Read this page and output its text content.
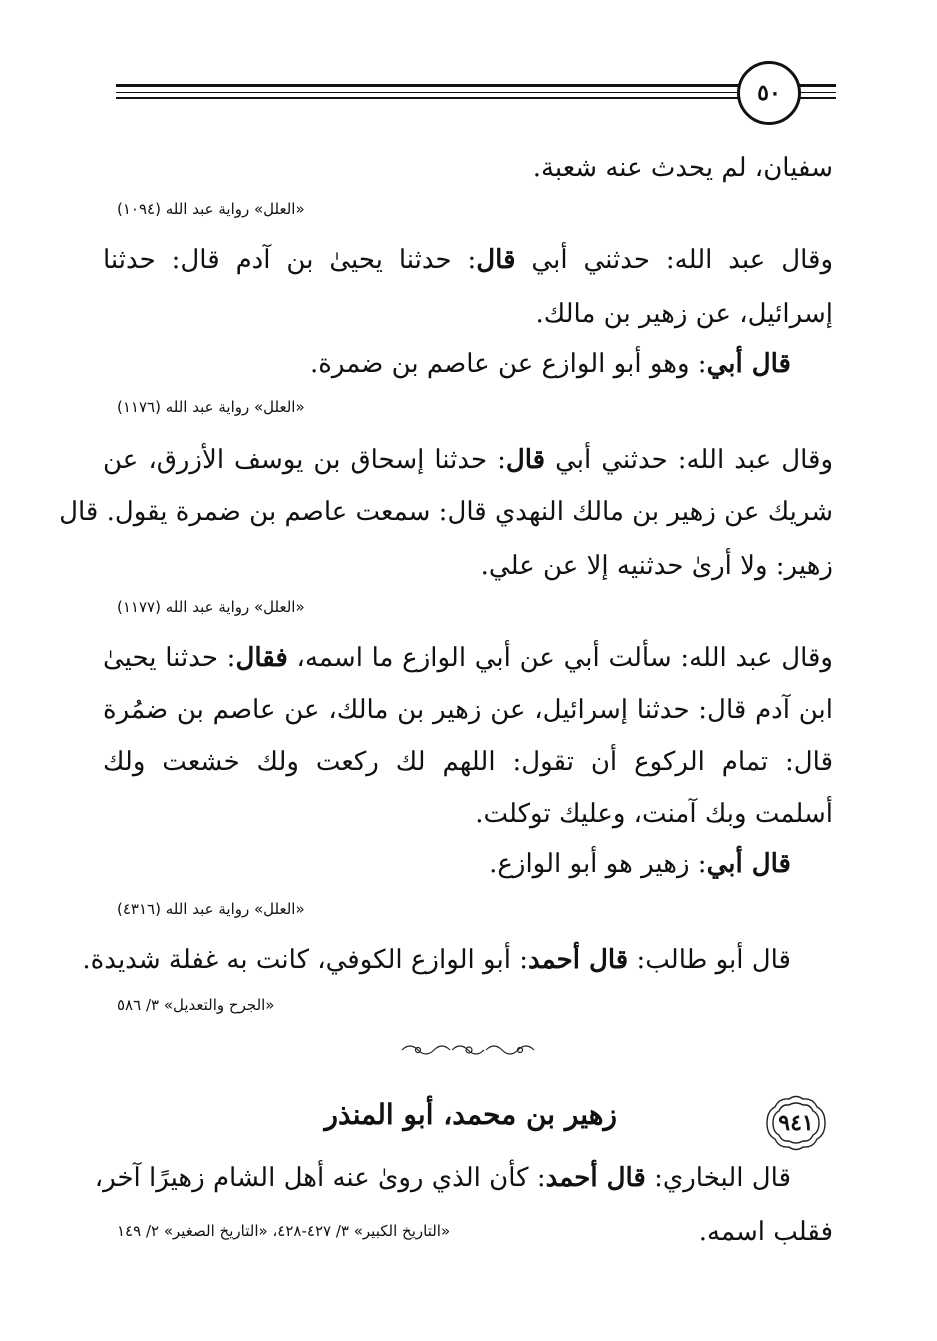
٥٠
سفيان، لم يحدث عنه شعبة.
«العلل» رواية عبد الله (١٠٩٤)
وقال عبد الله: حدثني أبي قال: حدثنا يحيىٰ بن آدم قال: حدثنا
إسرائيل، عن زهير بن مالك.
قال أبي: وهو أبو الوازع عن عاصم بن ضمرة.
«العلل» رواية عبد الله (١١٧٦)
وقال عبد الله: حدثني أبي قال: حدثنا إسحاق بن يوسف الأزرق، عن
شريك عن زهير بن مالك النهدي قال: سمعت عاصم بن ضمرة يقول. قال
زهير: ولا أرىٰ حدثنيه إلا عن علي.
«العلل» رواية عبد الله (١١٧٧)
وقال عبد الله: سألت أبي عن أبي الوازع ما اسمه، فقال: حدثنا يحيىٰ
ابن آدم قال: حدثنا إسرائيل، عن زهير بن مالك، عن عاصم بن ضمُرة
قال: تمام الركوع أن تقول: اللهم لك ركعت ولك خشعت ولك
أسلمت وبك آمنت، وعليك توكلت.
قال أبي: زهير هو أبو الوازع.
«العلل» رواية عبد الله (٤٣١٦)
قال أبو طالب: قال أحمد: أبو الوازع الكوفي، كانت به غفلة شديدة.
«الجرح والتعديل» ٣/ ٥٨٦
٩٤١
زهير بن محمد، أبو المنذر
قال البخاري: قال أحمد: كأن الذي روىٰ عنه أهل الشام زهيرًا آخر،
فقلب اسمه.
«التاريخ الكبير» ٣/ ٤٢٧-٤٢٨، «التاريخ الصغير» ٢/ ١٤٩
